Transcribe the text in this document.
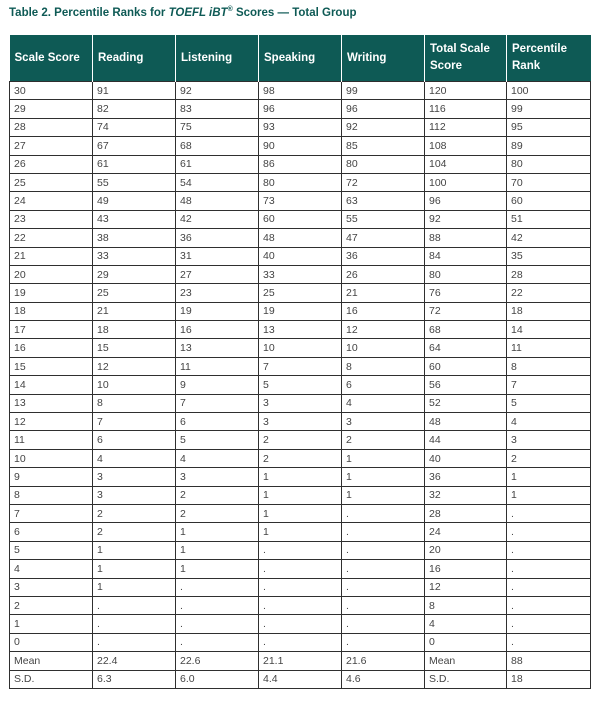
Table 2. Percentile Ranks for TOEFL iBT® Scores — Total Group
Scale Score	Reading	Listening	Speaking	Writing	Total Scale Score	Percentile Rank
30	91	92	98	99	120	100
29	82	83	96	96	116	99
28	74	75	93	92	112	95
27	67	68	90	85	108	89
26	61	61	86	80	104	80
25	55	54	80	72	100	70
24	49	48	73	63	96	60
23	43	42	60	55	92	51
22	38	36	48	47	88	42
21	33	31	40	36	84	35
20	29	27	33	26	80	28
19	25	23	25	21	76	22
18	21	19	19	16	72	18
17	18	16	13	12	68	14
16	15	13	10	10	64	11
15	12	11	7	8	60	8
14	10	9	5	6	56	7
13	8	7	3	4	52	5
12	7	6	3	3	48	4
11	6	5	2	2	44	3
10	4	4	2	1	40	2
9	3	3	1	1	36	1
8	3	2	1	1	32	1
7	2	2	1	.	28	.
6	2	1	1	.	24	.
5	1	1	.	.	20	.
4	1	1	.	.	16	.
3	1	.	.	.	12	.
2	.	.	.	.	8	.
1	.	.	.	.	4	.
0	.	.	.	.	0	.
Mean	22.4	22.6	21.1	21.6	Mean	88
S.D.	6.3	6.0	4.4	4.6	S.D.	18
